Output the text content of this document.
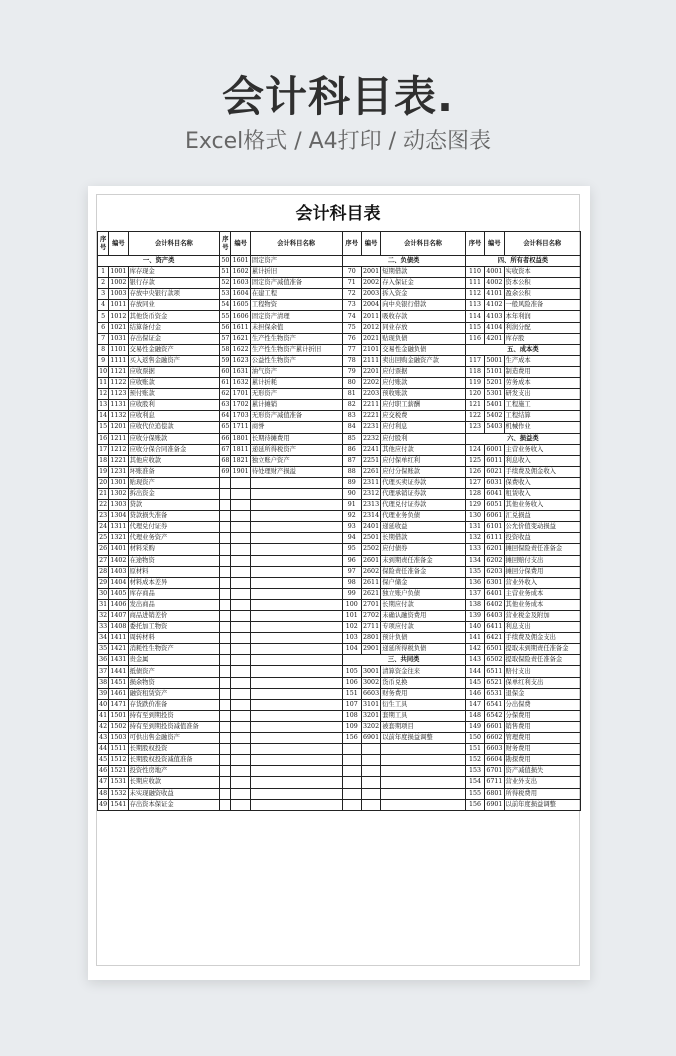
会计科目表.
Excel格式 / A4打印 / 动态图表
会计科目表
序号	编号	会计科目名称	序号	编号	会计科目名称	序号	编号	会计科目名称	序号	编号	会计科目名称
一、资产类			50	1601	固定资产	二、负债类			四、所有者权益类		
1	1001	库存现金	51	1602	累计折旧	70	2001	短期借款	110	4001	实收资本
2	1002	银行存款	52	1603	固定资产减值准备	71	2002	存入保证金	111	4002	资本公积
3	1003	存放中央银行款项	53	1604	在建工程	72	2003	拆入资金	112	4101	盈余公积
4	1011	存放同业	54	1605	工程物资	73	2004	向中央银行借款	113	4102	一般风险准备
5	1012	其他货币资金	55	1606	固定资产清理	74	2011	吸收存款	114	4103	本年利润
6	1021	结算备付金	56	1611	未担保余值	75	2012	同业存放	115	4104	利润分配
7	1031	存出保证金	57	1621	生产性生物资产	76	2021	贴现负债	116	4201	库存股
8	1101	交易性金融资产	58	1622	生产性生物资产累计折旧	77	2101	交易性金融负债	五、成本类		
9	1111	买入返售金融资产	59	1623	公益性生物资产	78	2111	卖出回购金融资产款	117	5001	生产成本
10	1121	应收票据	60	1631	油气资产	79	2201	应付票据	118	5101	制造费用
11	1122	应收账款	61	1632	累计折耗	80	2202	应付账款	119	5201	劳务成本
12	1123	预付账款	62	1701	无形资产	81	2203	预收账款	120	5301	研发支出
13	1131	应收股利	63	1702	累计摊销	82	2211	应付职工薪酬	121	5401	工程施工
14	1132	应收利息	64	1703	无形资产减值准备	83	2221	应交税费	122	5402	工程结算
15	1201	应收代位追偿款	65	1711	商誉	84	2231	应付利息	123	5403	机械作业
16	1211	应收分保账款	66	1801	长期待摊费用	85	2232	应付股利	六、损益类		
17	1212	应收分保合同准备金	67	1811	递延所得税资产	86	2241	其他应付款	124	6001	主营业务收入
18	1221	其他应收款	68	1821	独立账户资产	87	2251	应付保单红利	125	6011	利息收入
19	1231	坏账准备	69	1901	待处理财产损溢	88	2261	应付分保账款	126	6021	手续费及佣金收入
20	1301	贴现资产				89	2311	代理买卖证券款	127	6031	保费收入
21	1302	拆出资金				90	2312	代理承销证券款	128	6041	租赁收入
22	1303	贷款				91	2313	代理兑付证券款	129	6051	其他业务收入
23	1304	贷款损失准备				92	2314	代理业务负债	130	6061	汇兑损益
24	1311	代理兑付证券				93	2401	递延收益	131	6101	公允价值变动损益
25	1321	代理业务资产				94	2501	长期借款	132	6111	投资收益
26	1401	材料采购				95	2502	应付债券	133	6201	摊回保险责任准备金
27	1402	在途物资				96	2601	未到期责任准备金	134	6202	摊回赔付支出
28	1403	原材料				97	2602	保险责任准备金	135	6203	摊回分保费用
29	1404	材料成本差异				98	2611	保户储金	136	6301	营业外收入
30	1405	库存商品				99	2621	独立账户负债	137	6401	主营业务成本
31	1406	发出商品				100	2701	长期应付款	138	6402	其他业务成本
32	1407	商品进销差价				101	2702	未确认融资费用	139	6403	营业税金及附加
33	1408	委托加工物资				102	2711	专项应付款	140	6411	利息支出
34	1411	周转材料				103	2801	预计负债	141	6421	手续费及佣金支出
35	1421	消耗性生物资产				104	2901	递延所得税负债	142	6501	提取未到期责任准备金
36	1431	贵金属				三、共同类			143	6502	提取保险责任准备金
37	1441	抵债资产				105	3001	清算资金往来	144	6511	赔付支出
38	1451	损余物资				106	3002	货币兑换	145	6521	保单红利支出
39	1461	融资租赁资产				151	6603	财务费用	146	6531	退保金
40	1471	存货跌价准备				107	3101	衍生工具	147	6541	分出保费
41	1501	持有至到期投资				108	3201	套期工具	148	6542	分保费用
42	1502	持有至到期投资减值准备				109	3202	被套期项目	149	6601	销售费用
43	1503	可供出售金融资产				156	6901	以前年度损益调整	150	6602	管理费用
44	1511	长期股权投资							151	6603	财务费用
45	1512	长期股权投资减值准备							152	6604	勘探费用
46	1521	投资性房地产							153	6701	资产减值损失
47	1531	长期应收款							154	6711	营业外支出
48	1532	未实现融资收益							155	6801	所得税费用
49	1541	存出资本保证金							156	6901	以前年度损益调整
